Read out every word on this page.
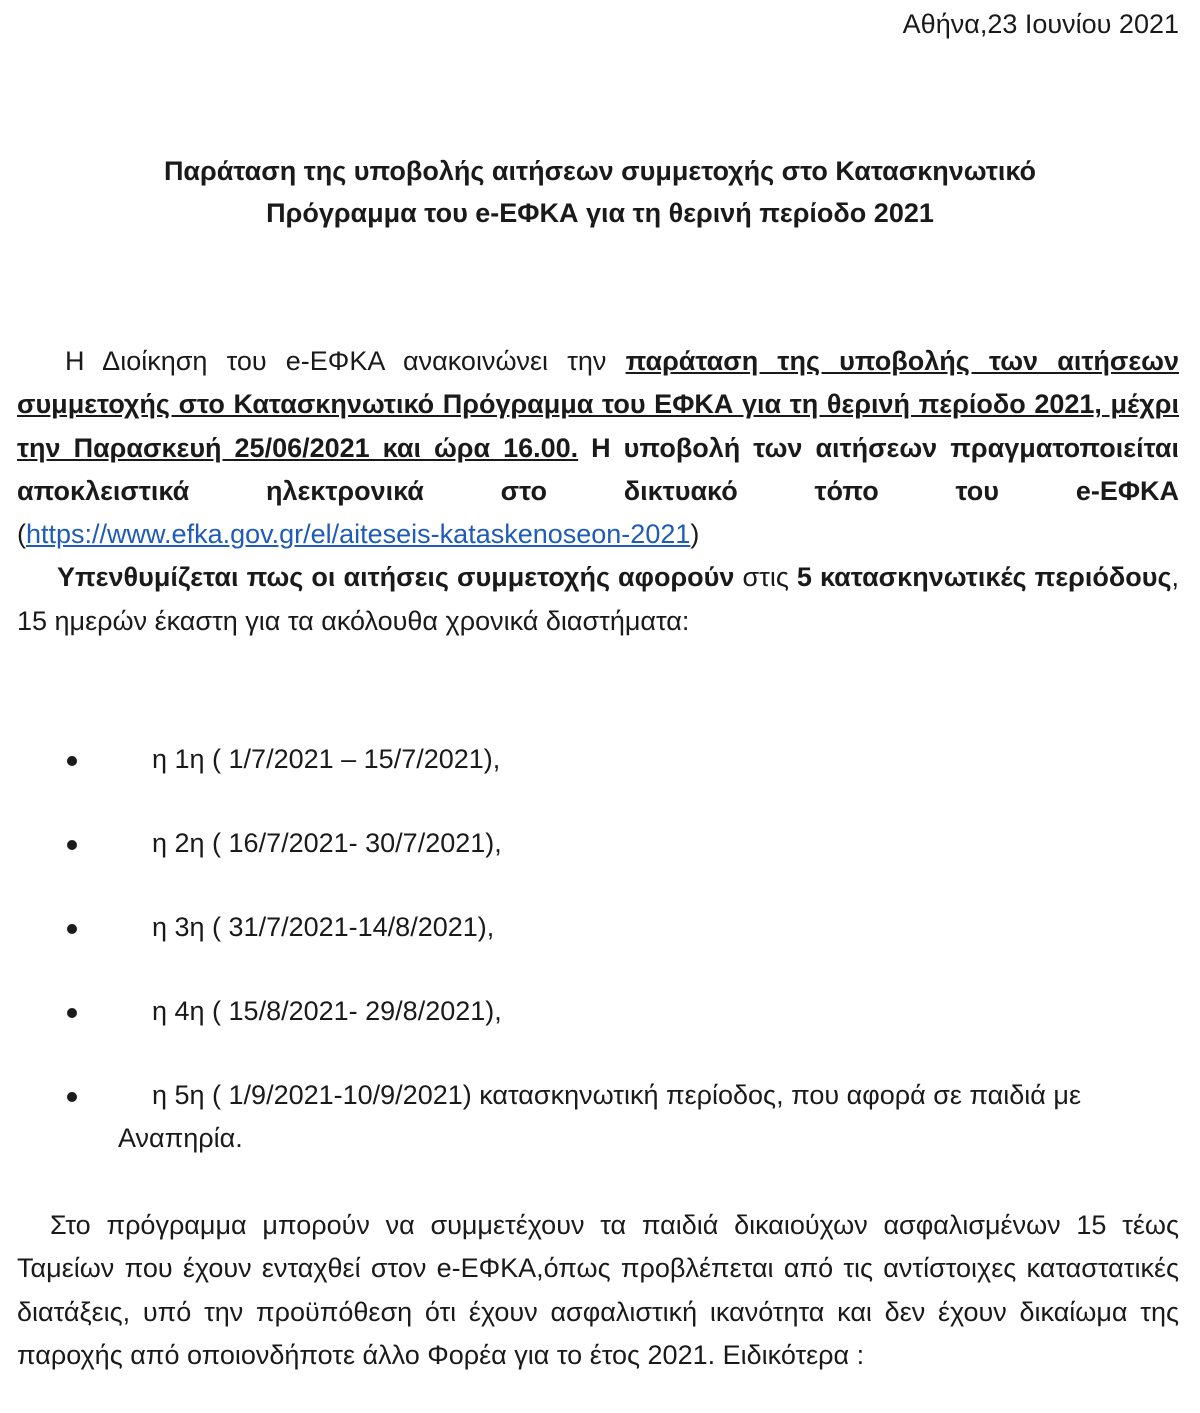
Αθήνα,23 Ιουνίου 2021
Παράταση της υποβολής αιτήσεων συμμετοχής στο Κατασκηνωτικό
Πρόγραμμα του e-ΕΦΚΑ για τη θερινή περίοδο 2021
Η Διοίκηση του e-ΕΦΚΑ ανακοινώνει την παράταση της υποβολής των αιτήσεων συμμετοχής στο Κατασκηνωτικό Πρόγραμμα του ΕΦΚΑ για τη θερινή περίοδο 2021, μέχρι την Παρασκευή 25/06/2021 και ώρα 16.00. Η υποβολή των αιτήσεων πραγματοποιείται αποκλειστικά ηλεκτρονικά στο δικτυακό τόπο του e-ΕΦΚΑ (https://www.efka.gov.gr/el/aiteseis-kataskenoseon-2021)
Υπενθυμίζεται πως οι αιτήσεις συμμετοχής αφορούν στις 5 κατασκηνωτικές περιόδους, 15 ημερών έκαστη για τα ακόλουθα χρονικά διαστήματα:
η 1η ( 1/7/2021 – 15/7/2021),
η 2η ( 16/7/2021- 30/7/2021),
η 3η ( 31/7/2021-14/8/2021),
η 4η ( 15/8/2021- 29/8/2021),
η 5η ( 1/9/2021-10/9/2021) κατασκηνωτική περίοδος, που αφορά σε παιδιά με Αναπηρία.
Στο πρόγραμμα μπορούν να συμμετέχουν τα παιδιά δικαιούχων ασφαλισμένων 15 τέως Ταμείων που έχουν ενταχθεί στον e-ΕΦΚΑ,όπως προβλέπεται από τις αντίστοιχες καταστατικές διατάξεις, υπό την προϋπόθεση ότι έχουν ασφαλιστική ικανότητα και δεν έχουν δικαίωμα της παροχής από οποιονδήποτε άλλο Φορέα για το έτος 2021. Ειδικότερα :
